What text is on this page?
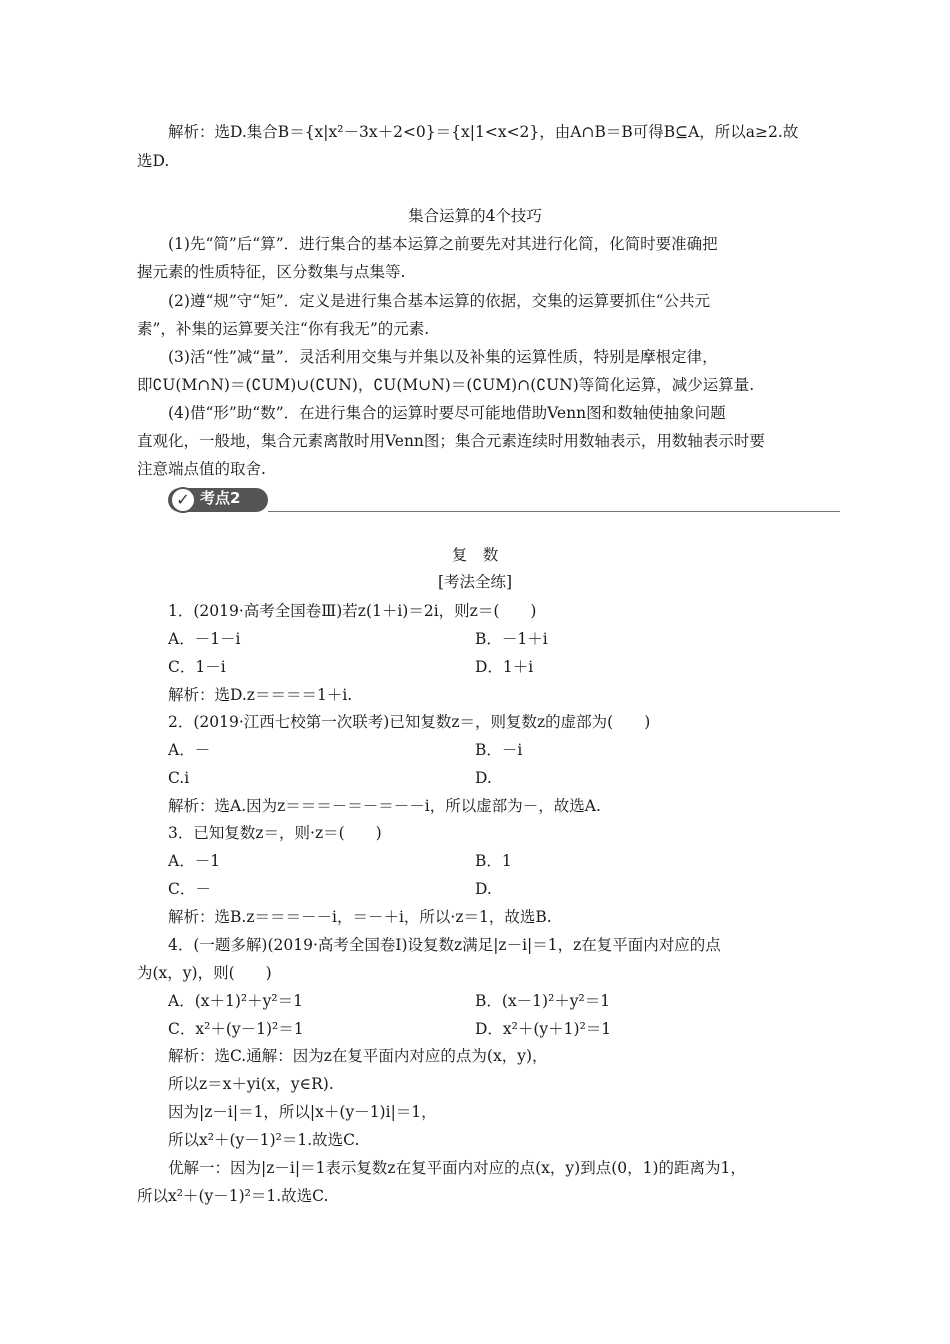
解析：选D.集合B＝{x|x²－3x＋2<0}＝{x|1<x<2}，由A∩B＝B可得B⊆A，所以a≥2.故
选D.
集合运算的4个技巧
(1)先“简”后“算”．进行集合的基本运算之前要先对其进行化简，化简时要准确把
握元素的性质特征，区分数集与点集等.
(2)遵“规”守“矩”．定义是进行集合基本运算的依据，交集的运算要抓住“公共元
素”，补集的运算要关注“你有我无”的元素.
(3)活“性”减“量”．灵活利用交集与并集以及补集的运算性质，特别是摩根定律，
即∁U(M∩N)＝(∁UM)∪(∁UN)，∁U(M∪N)＝(∁UM)∩(∁UN)等简化运算，减少运算量.
(4)借“形”助“数”．在进行集合的运算时要尽可能地借助Venn图和数轴使抽象问题
直观化，一般地，集合元素离散时用Venn图；集合元素连续时用数轴表示，用数轴表示时要
注意端点值的取舍.
✓ 考点2
复　数
[考法全练]
1．(2019·高考全国卷Ⅲ)若z(1＋i)＝2i，则z＝(　　)
A．－1－i	B．－1＋i
C．1－i	D．1＋i
解析：选D.z＝＝＝＝1＋i.
2．(2019·江西七校第一次联考)已知复数z＝，则复数z的虚部为(　　)
A．－	B．－i
C.i	D.
解析：选A.因为z＝＝＝－＝－＝－－i，所以虚部为－，故选A.
3．已知复数z＝，则·z＝(　　)
A．－1	B．1
C．－	D.
解析：选B.z＝＝＝－－i，＝－＋i，所以·z＝1，故选B.
4．(一题多解)(2019·高考全国卷Ⅰ)设复数z满足|z－i|＝1，z在复平面内对应的点
为(x，y)，则(　　)
A．(x＋1)²＋y²＝1	B．(x－1)²＋y²＝1
C．x²＋(y－1)²＝1	D．x²＋(y＋1)²＝1
解析：选C.通解：因为z在复平面内对应的点为(x，y)，
所以z＝x＋yi(x，y∈R).
因为|z－i|＝1，所以|x＋(y－1)i|＝1，
所以x²＋(y－1)²＝1.故选C.
优解一：因为|z－i|＝1表示复数z在复平面内对应的点(x，y)到点(0，1)的距离为1，
所以x²＋(y－1)²＝1.故选C.
